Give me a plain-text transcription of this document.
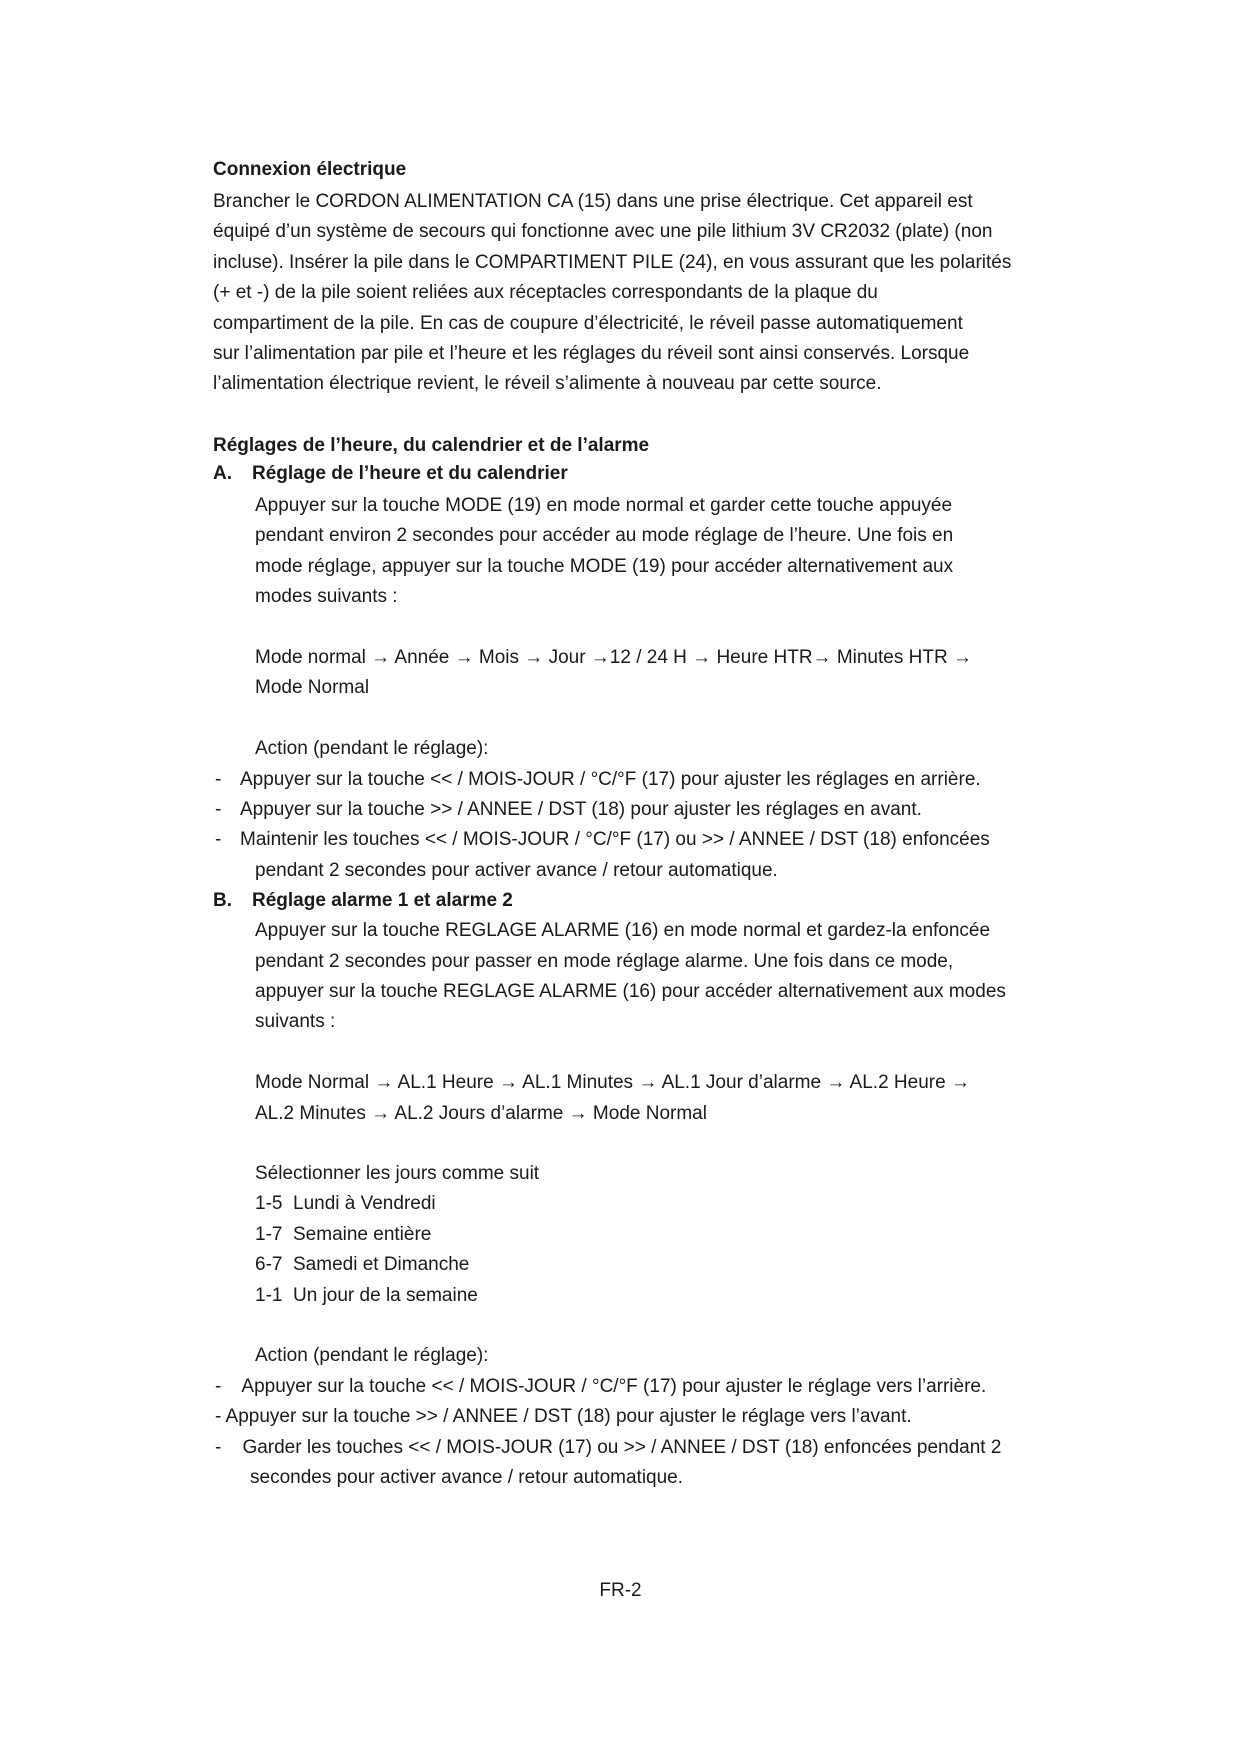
Connexion électrique
Brancher le CORDON ALIMENTATION CA (15) dans une prise électrique. Cet appareil est
équipé d’un système de secours qui fonctionne avec une pile lithium 3V CR2032 (plate) (non
incluse). Insérer la pile dans le COMPARTIMENT PILE (24), en vous assurant que les polarités
(+ et -) de la pile soient reliées aux réceptacles correspondants de la plaque du
compartiment de la pile. En cas de coupure d’électricité, le réveil passe automatiquement
sur l’alimentation par pile et l’heure et les réglages du réveil sont ainsi conservés. Lorsque
l’alimentation électrique revient, le réveil s’alimente à nouveau par cette source.
Réglages de l’heure, du calendrier et de l’alarme
A. Réglage de l’heure et du calendrier
Appuyer sur la touche MODE (19) en mode normal et garder cette touche appuyée
pendant environ 2 secondes pour accéder au mode réglage de l’heure. Une fois en
mode réglage, appuyer sur la touche MODE (19) pour accéder alternativement aux
modes suivants :
Mode normal → Année → Mois → Jour →12 / 24 H → Heure HTR→ Minutes HTR →
Mode Normal
Action (pendant le réglage):
- Appuyer sur la touche << / MOIS-JOUR / °C/°F (17) pour ajuster les réglages en arrière.
- Appuyer sur la touche >> / ANNEE / DST (18) pour ajuster les réglages en avant.
- Maintenir les touches << / MOIS-JOUR / °C/°F (17) ou >> / ANNEE / DST (18) enfoncées
pendant 2 secondes pour activer avance / retour automatique.
B. Réglage alarme 1 et alarme 2
Appuyer sur la touche REGLAGE ALARME (16) en mode normal et gardez-la enfoncée
pendant 2 secondes pour passer en mode réglage alarme. Une fois dans ce mode,
appuyer sur la touche REGLAGE ALARME (16) pour accéder alternativement aux modes
suivants :
Mode Normal → AL.1 Heure → AL.1 Minutes → AL.1 Jour d’alarme → AL.2 Heure →
AL.2 Minutes → AL.2 Jours d’alarme → Mode Normal
Sélectionner les jours comme suit
1-5 Lundi à Vendredi
1-7 Semaine entière
6-7 Samedi et Dimanche
1-1 Un jour de la semaine
Action (pendant le réglage):
-    Appuyer sur la touche << / MOIS-JOUR / °C/°F (17) pour ajuster le réglage vers l’arrière.
- Appuyer sur la touche >> / ANNEE / DST (18) pour ajuster le réglage vers l’avant.
-    Garder les touches << / MOIS-JOUR (17) ou >> / ANNEE / DST (18) enfoncées pendant 2
secondes pour activer avance / retour automatique.
FR-2
